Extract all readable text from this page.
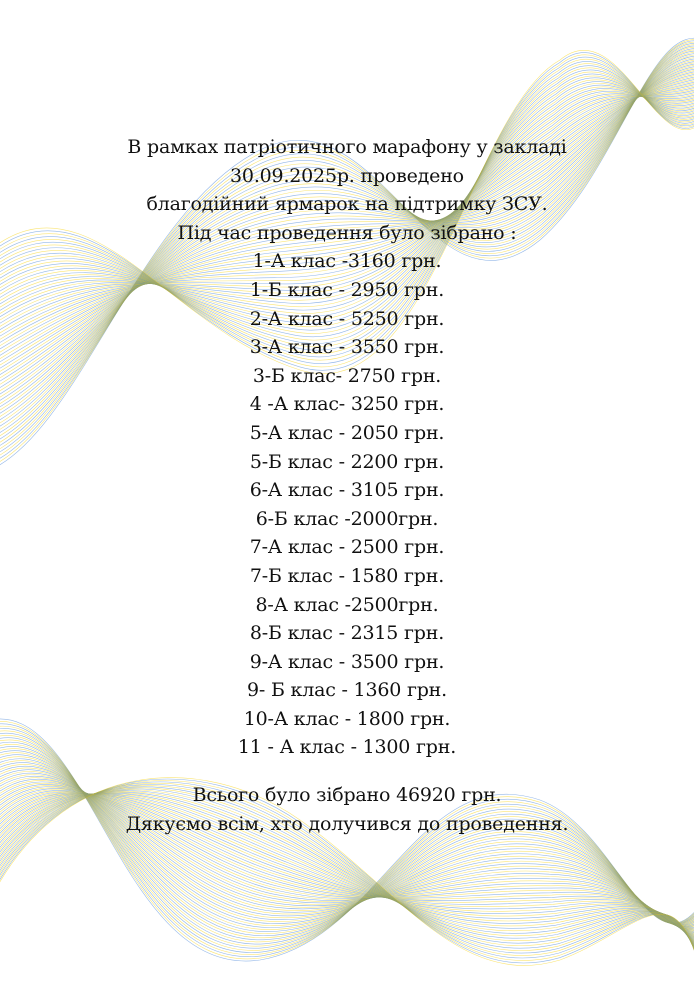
В рамках патріотичного марафону у закладі
30.09.2025р. проведено
благодійний ярмарок на підтримку ЗСУ.
Під час проведення було зібрано :
1-А клас -3160 грн.
1-Б клас - 2950 грн.
2-А клас - 5250 грн.
3-А клас - 3550 грн.
3-Б клас- 2750 грн.
4 -А клас- 3250 грн.
5-А клас - 2050 грн.
5-Б клас - 2200 грн.
6-А клас - 3105 грн.
6-Б клас -2000грн.
7-А клас - 2500 грн.
7-Б клас - 1580 грн.
8-А клас -2500грн.
8-Б клас - 2315 грн.
9-А клас - 3500 грн.
9- Б клас - 1360 грн.
10-А клас - 1800 грн.
11 - А клас - 1300 грн.
Всього було зібрано 46920 грн.
Дякуємо всім, хто долучився до проведення.
